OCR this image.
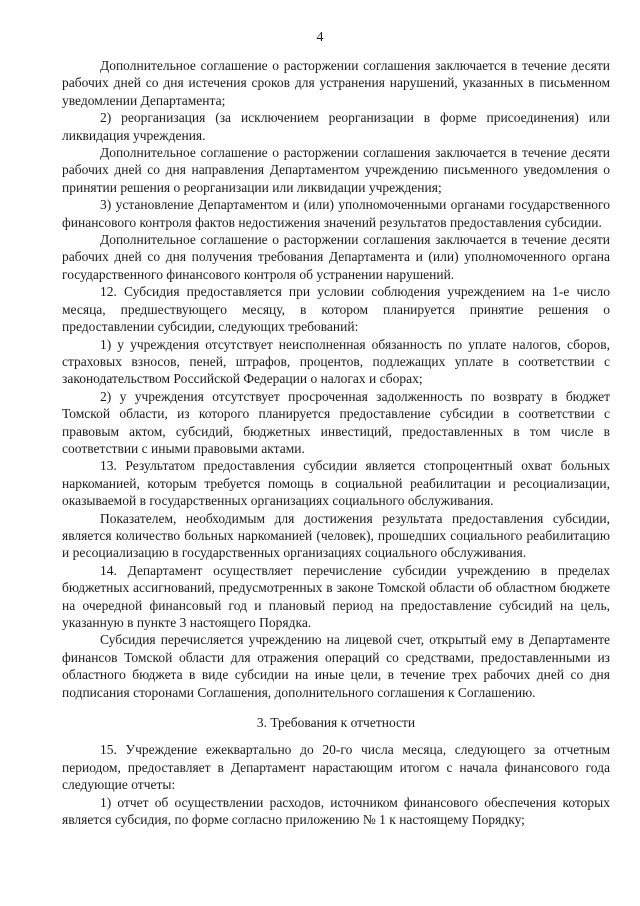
4

Дополнительное соглашение о расторжении соглашения заключается в течение десяти рабочих дней со дня истечения сроков для устранения нарушений, указанных в письменном уведомлении Департамента;

2) реорганизация (за исключением реорганизации в форме присоединения) или ликвидация учреждения.

Дополнительное соглашение о расторжении соглашения заключается в течение десяти рабочих дней со дня направления Департаментом учреждению письменного уведомления о принятии решения о реорганизации или ликвидации учреждения;

3) установление Департаментом и (или) уполномоченными органами государственного финансового контроля фактов недостижения значений результатов предоставления субсидии.

Дополнительное соглашение о расторжении соглашения заключается в течение десяти рабочих дней со дня получения требования Департамента и (или) уполномоченного органа государственного финансового контроля об устранении нарушений.

12. Субсидия предоставляется при условии соблюдения учреждением на 1-е число месяца, предшествующего месяцу, в котором планируется принятие решения о предоставлении субсидии, следующих требований:

1) у учреждения отсутствует неисполненная обязанность по уплате налогов, сборов, страховых взносов, пеней, штрафов, процентов, подлежащих уплате в соответствии с законодательством Российской Федерации о налогах и сборах;

2) у учреждения отсутствует просроченная задолженность по возврату в бюджет Томской области, из которого планируется предоставление субсидии в соответствии с правовым актом, субсидий, бюджетных инвестиций, предоставленных в том числе в соответствии с иными правовыми актами.

13. Результатом предоставления субсидии является стопроцентный охват больных наркоманией, которым требуется помощь в социальной реабилитации и ресоциализации, оказываемой в государственных организациях социального обслуживания.

Показателем, необходимым для достижения результата предоставления субсидии, является количество больных наркоманией (человек), прошедших социального реабилитацию и ресоциализацию в государственных организациях социального обслуживания.

14. Департамент осуществляет перечисление субсидии учреждению в пределах бюджетных ассигнований, предусмотренных в законе Томской области об областном бюджете на очередной финансовый год и плановый период на предоставление субсидий на цель, указанную в пункте 3 настоящего Порядка.

Субсидия перечисляется учреждению на лицевой счет, открытый ему в Департаменте финансов Томской области для отражения операций со средствами, предоставленными из областного бюджета в виде субсидии на иные цели, в течение трех рабочих дней со дня подписания сторонами Соглашения, дополнительного соглашения к Соглашению.

3. Требования к отчетности

15. Учреждение ежеквартально до 20-го числа месяца, следующего за отчетным периодом, предоставляет в Департамент нарастающим итогом с начала финансового года следующие отчеты:

1) отчет об осуществлении расходов, источником финансового обеспечения которых является субсидия, по форме согласно приложению № 1 к настоящему Порядку;
